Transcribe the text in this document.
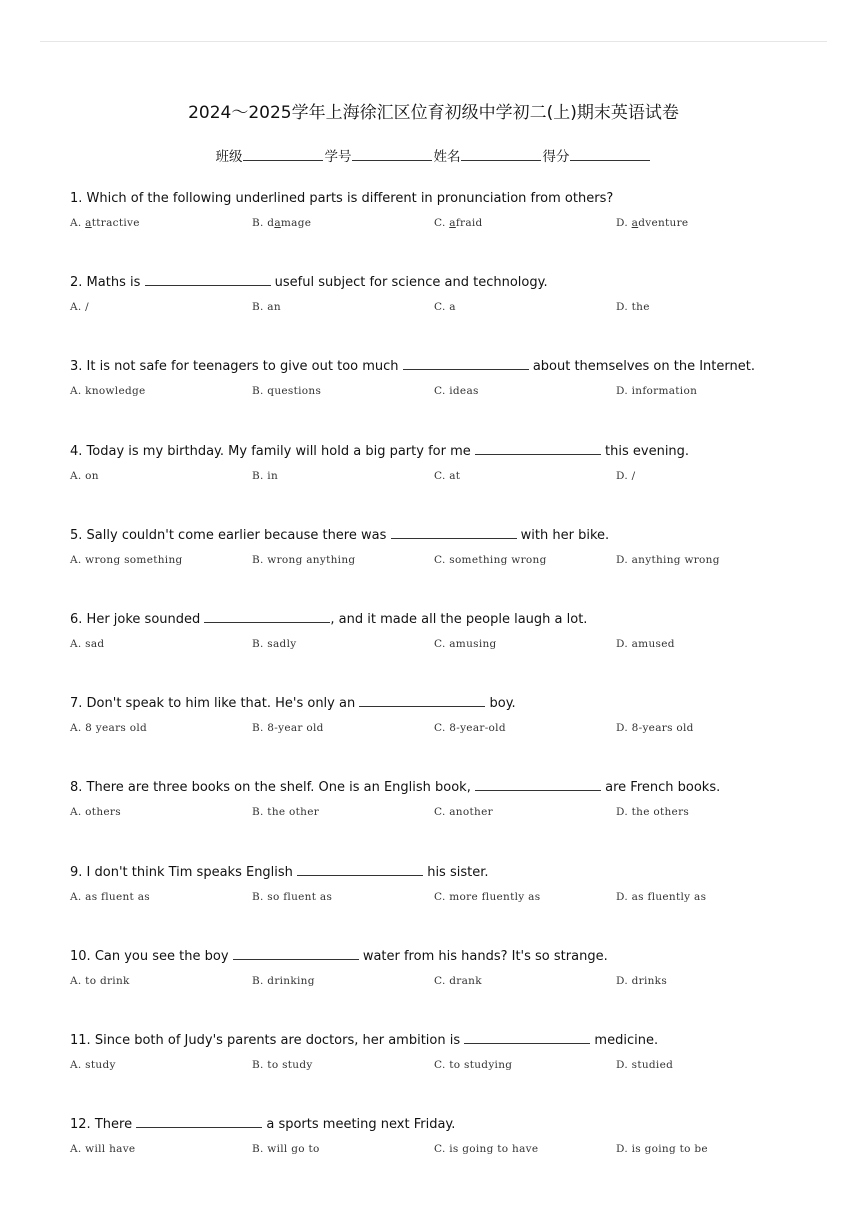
2024～2025学年上海徐汇区位育初级中学初二(上)期末英语试卷
班级	学号	姓名	得分
1. Which of the following underlined parts is different in pronunciation from others?
A. attractive	B. damage	C. afraid	D. adventure
2. Maths is	useful subject for science and technology.
A. /	B. an	C. a	D. the
3. It is not safe for teenagers to give out too much	about themselves on the Internet.
A. knowledge	B. questions	C. ideas	D. information
4. Today is my birthday. My family will hold a big party for me	this evening.
A. on	B. in	C. at	D. /
5. Sally couldn't come earlier because there was	with her bike.
A. wrong something	B. wrong anything	C. something wrong	D. anything wrong
6. Her joke sounded	, and it made all the people laugh a lot.
A. sad	B. sadly	C. amusing	D. amused
7. Don't speak to him like that. He's only an	boy.
A. 8 years old	B. 8-year old	C. 8-year-old	D. 8-years old
8. There are three books on the shelf. One is an English book,	are French books.
A. others	B. the other	C. another	D. the others
9. I don't think Tim speaks English	his sister.
A. as fluent as	B. so fluent as	C. more fluently as	D. as fluently as
10. Can you see the boy	water from his hands? It's so strange.
A. to drink	B. drinking	C. drank	D. drinks
11. Since both of Judy's parents are doctors, her ambition is	medicine.
A. study	B. to study	C. to studying	D. studied
12. There	a sports meeting next Friday.
A. will have	B. will go to	C. is going to have	D. is going to be
